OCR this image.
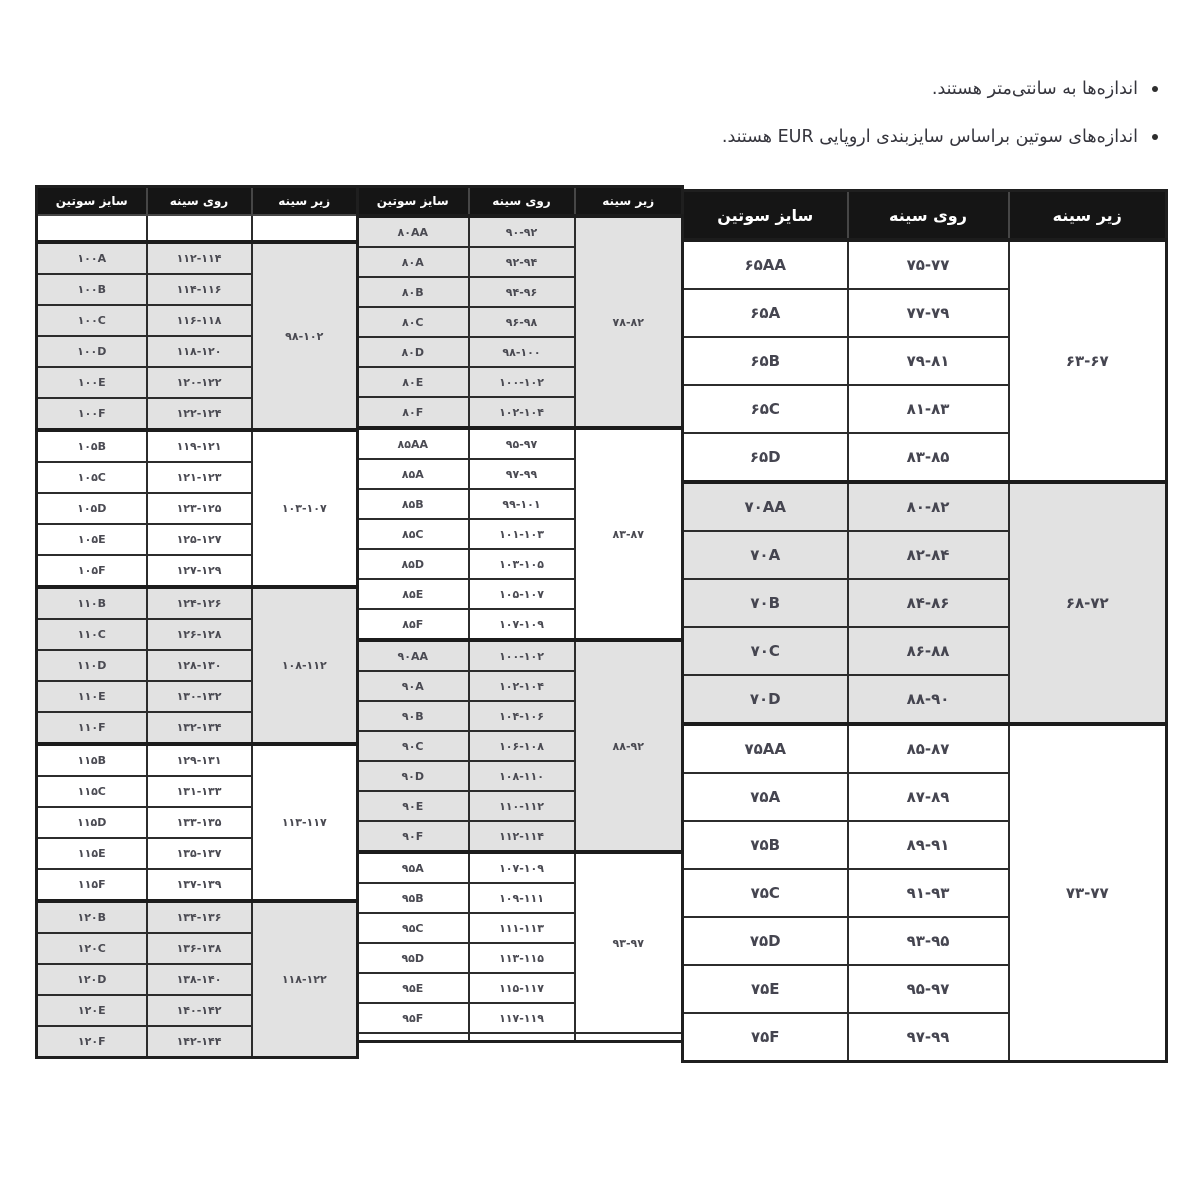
اندازه‌ها به سانتی‌متر هستند.
اندازه‌های سوتین براساس سایزبندی اروپایی EUR هستند.
سایز سوتین	روی سینه	زیر سینه
۶۵AA	۷۵-۷۷	۶۳-۶۷
۶۵A	۷۷-۷۹	
۶۵B	۷۹-۸۱	
۶۵C	۸۱-۸۳	
۶۵D	۸۳-۸۵	
۷۰AA	۸۰-۸۲	۶۸-۷۲
۷۰A	۸۲-۸۴	
۷۰B	۸۴-۸۶	
۷۰C	۸۶-۸۸	
۷۰D	۸۸-۹۰	
۷۵AA	۸۵-۸۷	۷۳-۷۷
۷۵A	۸۷-۸۹	
۷۵B	۸۹-۹۱	
۷۵C	۹۱-۹۳	
۷۵D	۹۳-۹۵	
۷۵E	۹۵-۹۷	
۷۵F	۹۷-۹۹	
سایز سوتین	روی سینه	زیر سینه
۸۰AA	۹۰-۹۲	۷۸-۸۲
۸۰A	۹۲-۹۴	
۸۰B	۹۴-۹۶	
۸۰C	۹۶-۹۸	
۸۰D	۹۸-۱۰۰	
۸۰E	۱۰۰-۱۰۲	
۸۰F	۱۰۲-۱۰۴	
۸۵AA	۹۵-۹۷	۸۳-۸۷
۸۵A	۹۷-۹۹	
۸۵B	۹۹-۱۰۱	
۸۵C	۱۰۱-۱۰۳	
۸۵D	۱۰۳-۱۰۵	
۸۵E	۱۰۵-۱۰۷	
۸۵F	۱۰۷-۱۰۹	
۹۰AA	۱۰۰-۱۰۲	۸۸-۹۲
۹۰A	۱۰۲-۱۰۴	
۹۰B	۱۰۴-۱۰۶	
۹۰C	۱۰۶-۱۰۸	
۹۰D	۱۰۸-۱۱۰	
۹۰E	۱۱۰-۱۱۲	
۹۰F	۱۱۲-۱۱۴	
۹۵A	۱۰۷-۱۰۹	۹۳-۹۷
۹۵B	۱۰۹-۱۱۱	
۹۵C	۱۱۱-۱۱۳	
۹۵D	۱۱۳-۱۱۵	
۹۵E	۱۱۵-۱۱۷	
۹۵F	۱۱۷-۱۱۹	

سایز سوتین	روی سینه	زیر سینه

۱۰۰A	۱۱۲-۱۱۴	۹۸-۱۰۲
۱۰۰B	۱۱۴-۱۱۶	
۱۰۰C	۱۱۶-۱۱۸	
۱۰۰D	۱۱۸-۱۲۰	
۱۰۰E	۱۲۰-۱۲۲	
۱۰۰F	۱۲۲-۱۲۴	
۱۰۵B	۱۱۹-۱۲۱	۱۰۳-۱۰۷
۱۰۵C	۱۲۱-۱۲۳	
۱۰۵D	۱۲۳-۱۲۵	
۱۰۵E	۱۲۵-۱۲۷	
۱۰۵F	۱۲۷-۱۲۹	
۱۱۰B	۱۲۴-۱۲۶	۱۰۸-۱۱۲
۱۱۰C	۱۲۶-۱۲۸	
۱۱۰D	۱۲۸-۱۳۰	
۱۱۰E	۱۳۰-۱۳۲	
۱۱۰F	۱۳۲-۱۳۴	
۱۱۵B	۱۲۹-۱۳۱	۱۱۳-۱۱۷
۱۱۵C	۱۳۱-۱۳۳	
۱۱۵D	۱۳۳-۱۳۵	
۱۱۵E	۱۳۵-۱۳۷	
۱۱۵F	۱۳۷-۱۳۹	
۱۲۰B	۱۳۴-۱۳۶	۱۱۸-۱۲۲
۱۲۰C	۱۳۶-۱۳۸	
۱۲۰D	۱۳۸-۱۴۰	
۱۲۰E	۱۴۰-۱۴۲	
۱۲۰F	۱۴۲-۱۴۴	
